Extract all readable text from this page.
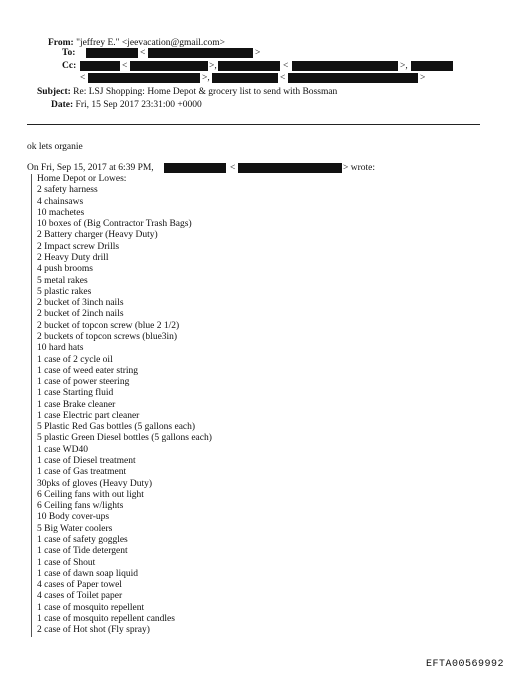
From: "jeffrey E." <jeevacation@gmail.com>
To:	<	>
Cc:	<	>,	<	>,
<	>,	<	>
Subject: Re: LSJ Shopping: Home Depot & grocery list to send with Bossman
Date: Fri, 15 Sep 2017 23:31:00 +0000
ok lets organie
On Fri, Sep 15, 2017 at 6:39 PM,	<	> wrote:
Home Depot or Lowes:
2 safety harness
4 chainsaws
10 machetes
10 boxes of (Big Contractor Trash Bags)
2 Battery charger (Heavy Duty)
2 Impact screw Drills
2 Heavy Duty drill
4 push brooms
5 metal rakes
5 plastic rakes
2 bucket of 3inch nails
2 bucket of 2inch nails
2 bucket of topcon screw (blue 2 1/2)
2 buckets of topcon screws (blue3in)
10 hard hats
1 case of 2 cycle oil
1 case of weed eater string
1 case of power steering
1 case Starting fluid
1 case Brake cleaner
1 case Electric part cleaner
5 Plastic Red Gas bottles (5 gallons each)
5 plastic Green Diesel bottles (5 gallons each)
1 case WD40
1 case of Diesel treatment
1 case of Gas treatment
30pks of gloves (Heavy Duty)
6 Ceiling fans with out light
6 Ceiling fans w/lights
10 Body cover-ups
5 Big Water coolers
1 case of safety goggles
1 case of Tide detergent
1 case of Shout
1 case of dawn soap liquid
4 cases of Paper towel
4 cases of Toilet paper
1 case of mosquito repellent
1 case of mosquito repellent candles
2 case of Hot shot (Fly spray)
EFTA00569992
